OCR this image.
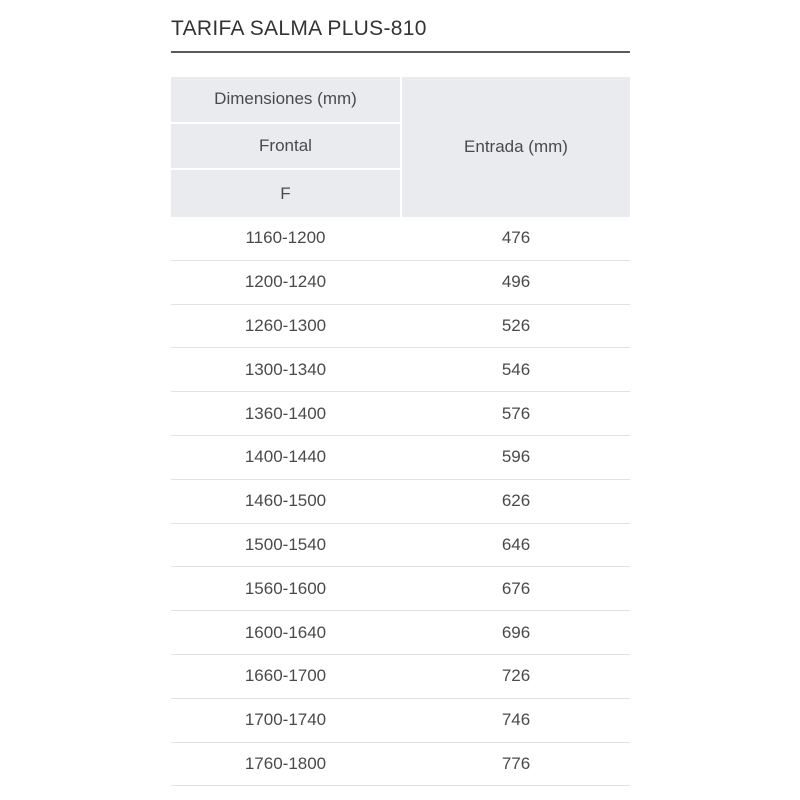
TARIFA SALMA PLUS-810
Dimensiones (mm)
Frontal
F
Entrada (mm)
1160-1200	476
1200-1240	496
1260-1300	526
1300-1340	546
1360-1400	576
1400-1440	596
1460-1500	626
1500-1540	646
1560-1600	676
1600-1640	696
1660-1700	726
1700-1740	746
1760-1800	776
